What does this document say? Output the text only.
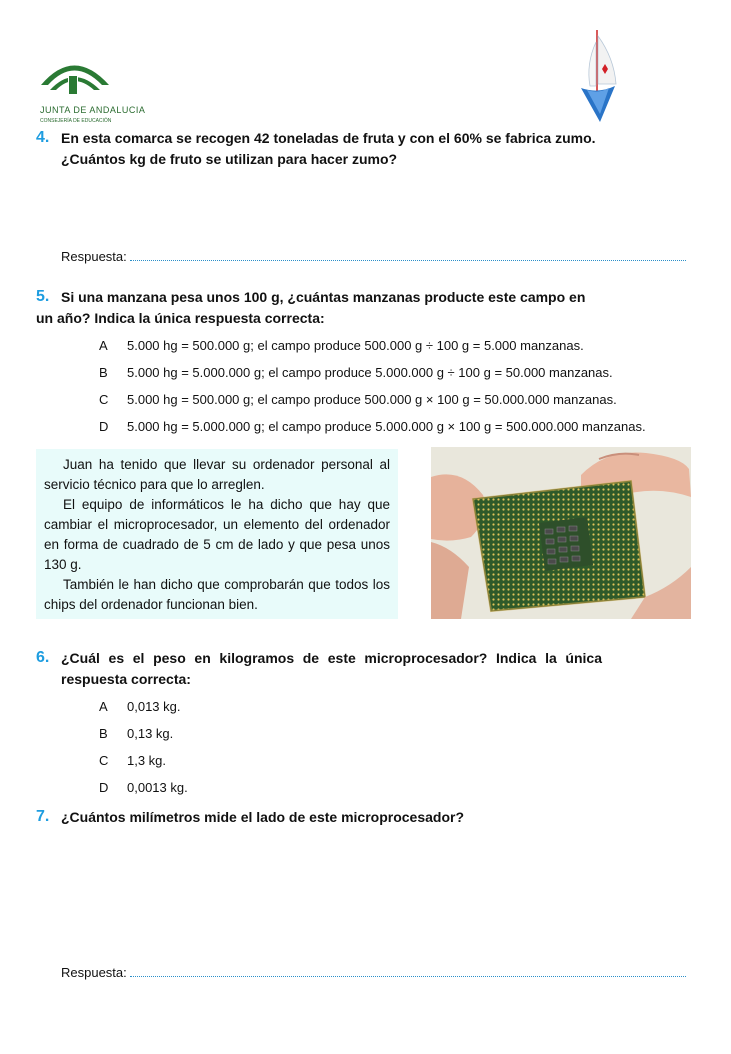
JUNTA DE ANDALUCIA
CONSEJERÍA DE EDUCACIÓN
4. En esta comarca se recogen 42 toneladas de fruta y con el 60% se fabrica zumo.
¿Cuántos kg de fruto se utilizan para hacer zumo?
Respuesta:
5. Si una manzana pesa unos 100 g, ¿cuántas manzanas producte este campo en
un año? Indica la única respuesta correcta:
A 5.000 hg = 500.000 g; el campo produce 500.000 g ÷ 100 g = 5.000 manzanas.
B 5.000 hg = 5.000.000 g; el campo produce 5.000.000 g ÷ 100 g = 50.000 manzanas.
C 5.000 hg = 500.000 g; el campo produce 500.000 g × 100 g = 50.000.000 manzanas.
D 5.000 hg = 5.000.000 g; el campo produce 5.000.000 g × 100 g = 500.000.000 manzanas.

Juan ha tenido que llevar su ordenador personal al servicio técnico para que lo arreglen.

El equipo de informáticos le ha dicho que hay que cambiar el microprocesador, un elemento del ordenador en forma de cuadrado de 5 cm de lado y que pesa unos 130 g.

También le han dicho que comprobarán que todos los chips del ordenador funcionan bien.

6. ¿Cuál es el peso en kilogramos de este microprocesador? Indica la única
respuesta correcta:
A 0,013 kg.
B 0,13 kg.
C 1,3 kg.
D 0,0013 kg.
7. ¿Cuántos milímetros mide el lado de este microprocesador?
Respuesta:
